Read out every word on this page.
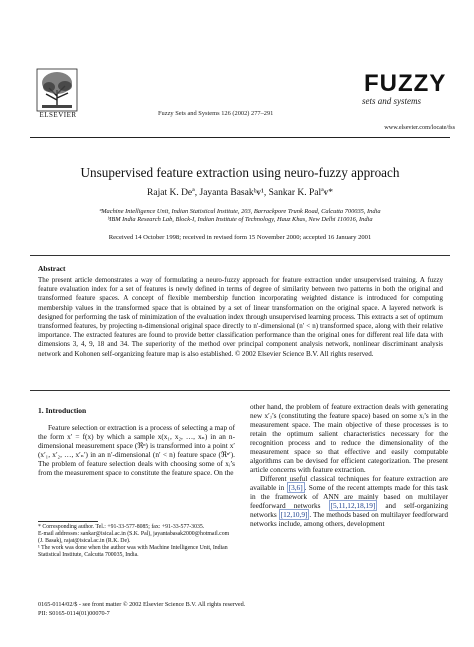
ELSEVIER	Fuzzy Sets and Systems 126 (2002) 277–291
FUZZY
sets and systems
www.elsevier.com/locate/fss
Unsupervised feature extraction using neuro-fuzzy approach
Rajat K. Deª, Jayanta Basakᵇⱴ¹, Sankar K. Palªⱴ*
ªMachine Intelligence Unit, Indian Statistical Institute, 203, Barrackpore Trunk Road, Calcutta 700035, India
ᵇIBM India Research Lab, Block-I, Indian Institute of Technology, Hauz Khas, New Delhi 110016, India
Received 14 October 1998; received in revised form 15 November 2000; accepted 16 January 2001
Abstract
The present article demonstrates a way of formulating a neuro-fuzzy approach for feature extraction under unsupervised training. A fuzzy feature evaluation index for a set of features is newly defined in terms of degree of similarity between two patterns in both the original and transformed feature spaces. A concept of flexible membership function incorporating weighted distance is introduced for computing membership values in the transformed space that is obtained by a set of linear transformation on the original space. A layered network is designed for performing the task of minimization of the evaluation index through unsupervised learning process. This extracts a set of optimum transformed features, by projecting n-dimensional original space directly to n′-dimensional (n′ < n) transformed space, along with their relative importance. The extracted features are found to provide better classification performance than the original ones for different real life data with dimensions 3, 4, 9, 18 and 34. The superiority of the method over principal component analysis network, nonlinear discriminant analysis network and Kohonen self-organizing feature map is also established. © 2002 Elsevier Science B.V. All rights reserved.
1. Introduction
Feature selection or extraction is a process of selecting a map of the form x′ = f(x) by which a sample x(x₁, x₂, …, xₙ) in an n-dimensional measurement space (ℜⁿ) is transformed into a point x′(x′₁, x′₂, …, x′ₙ′) in an n′-dimensional (n′ < n) feature space (ℜⁿ′). The problem of feature selection deals with choosing some of xᵢ’s from the measurement space to constitute the feature space. On the
other hand, the problem of feature extraction deals with generating new x′ⱼ’s (constituting the feature space) based on some xᵢ’s in the measurement space. The main objective of these processes is to retain the optimum salient characteristics necessary for the recognition process and to reduce the dimensionality of the measurement space so that effective and easily computable algorithms can be devised for efficient categorization. The present article concerns with feature extraction.
Different useful classical techniques for feature extraction are available in [3,6] . Some of the recent attempts made for this task in the framework of ANN are mainly based on multilayer feedforward networks [5,11,12,18,19] and self-organizing networks [12,10,9] . The methods based on multilayer feedforward networks include, among others, development
* Corresponding author. Tel.: +91-33-577-8085; fax: +91-33-577-3035.
E-mail addresses: sankar@isical.ac.in (S.K. Pal), jayantabasak2000@hotmail.com (J. Basak), rajat@isical.ac.in (R.K. De).
¹ The work was done when the author was with Machine Intelligence Unit, Indian Statistical Institute, Calcutta 700035, India.
0165-0114/02/$ - see front matter © 2002 Elsevier Science B.V. All rights reserved.
PII: S0165-0114(01)00070-7
